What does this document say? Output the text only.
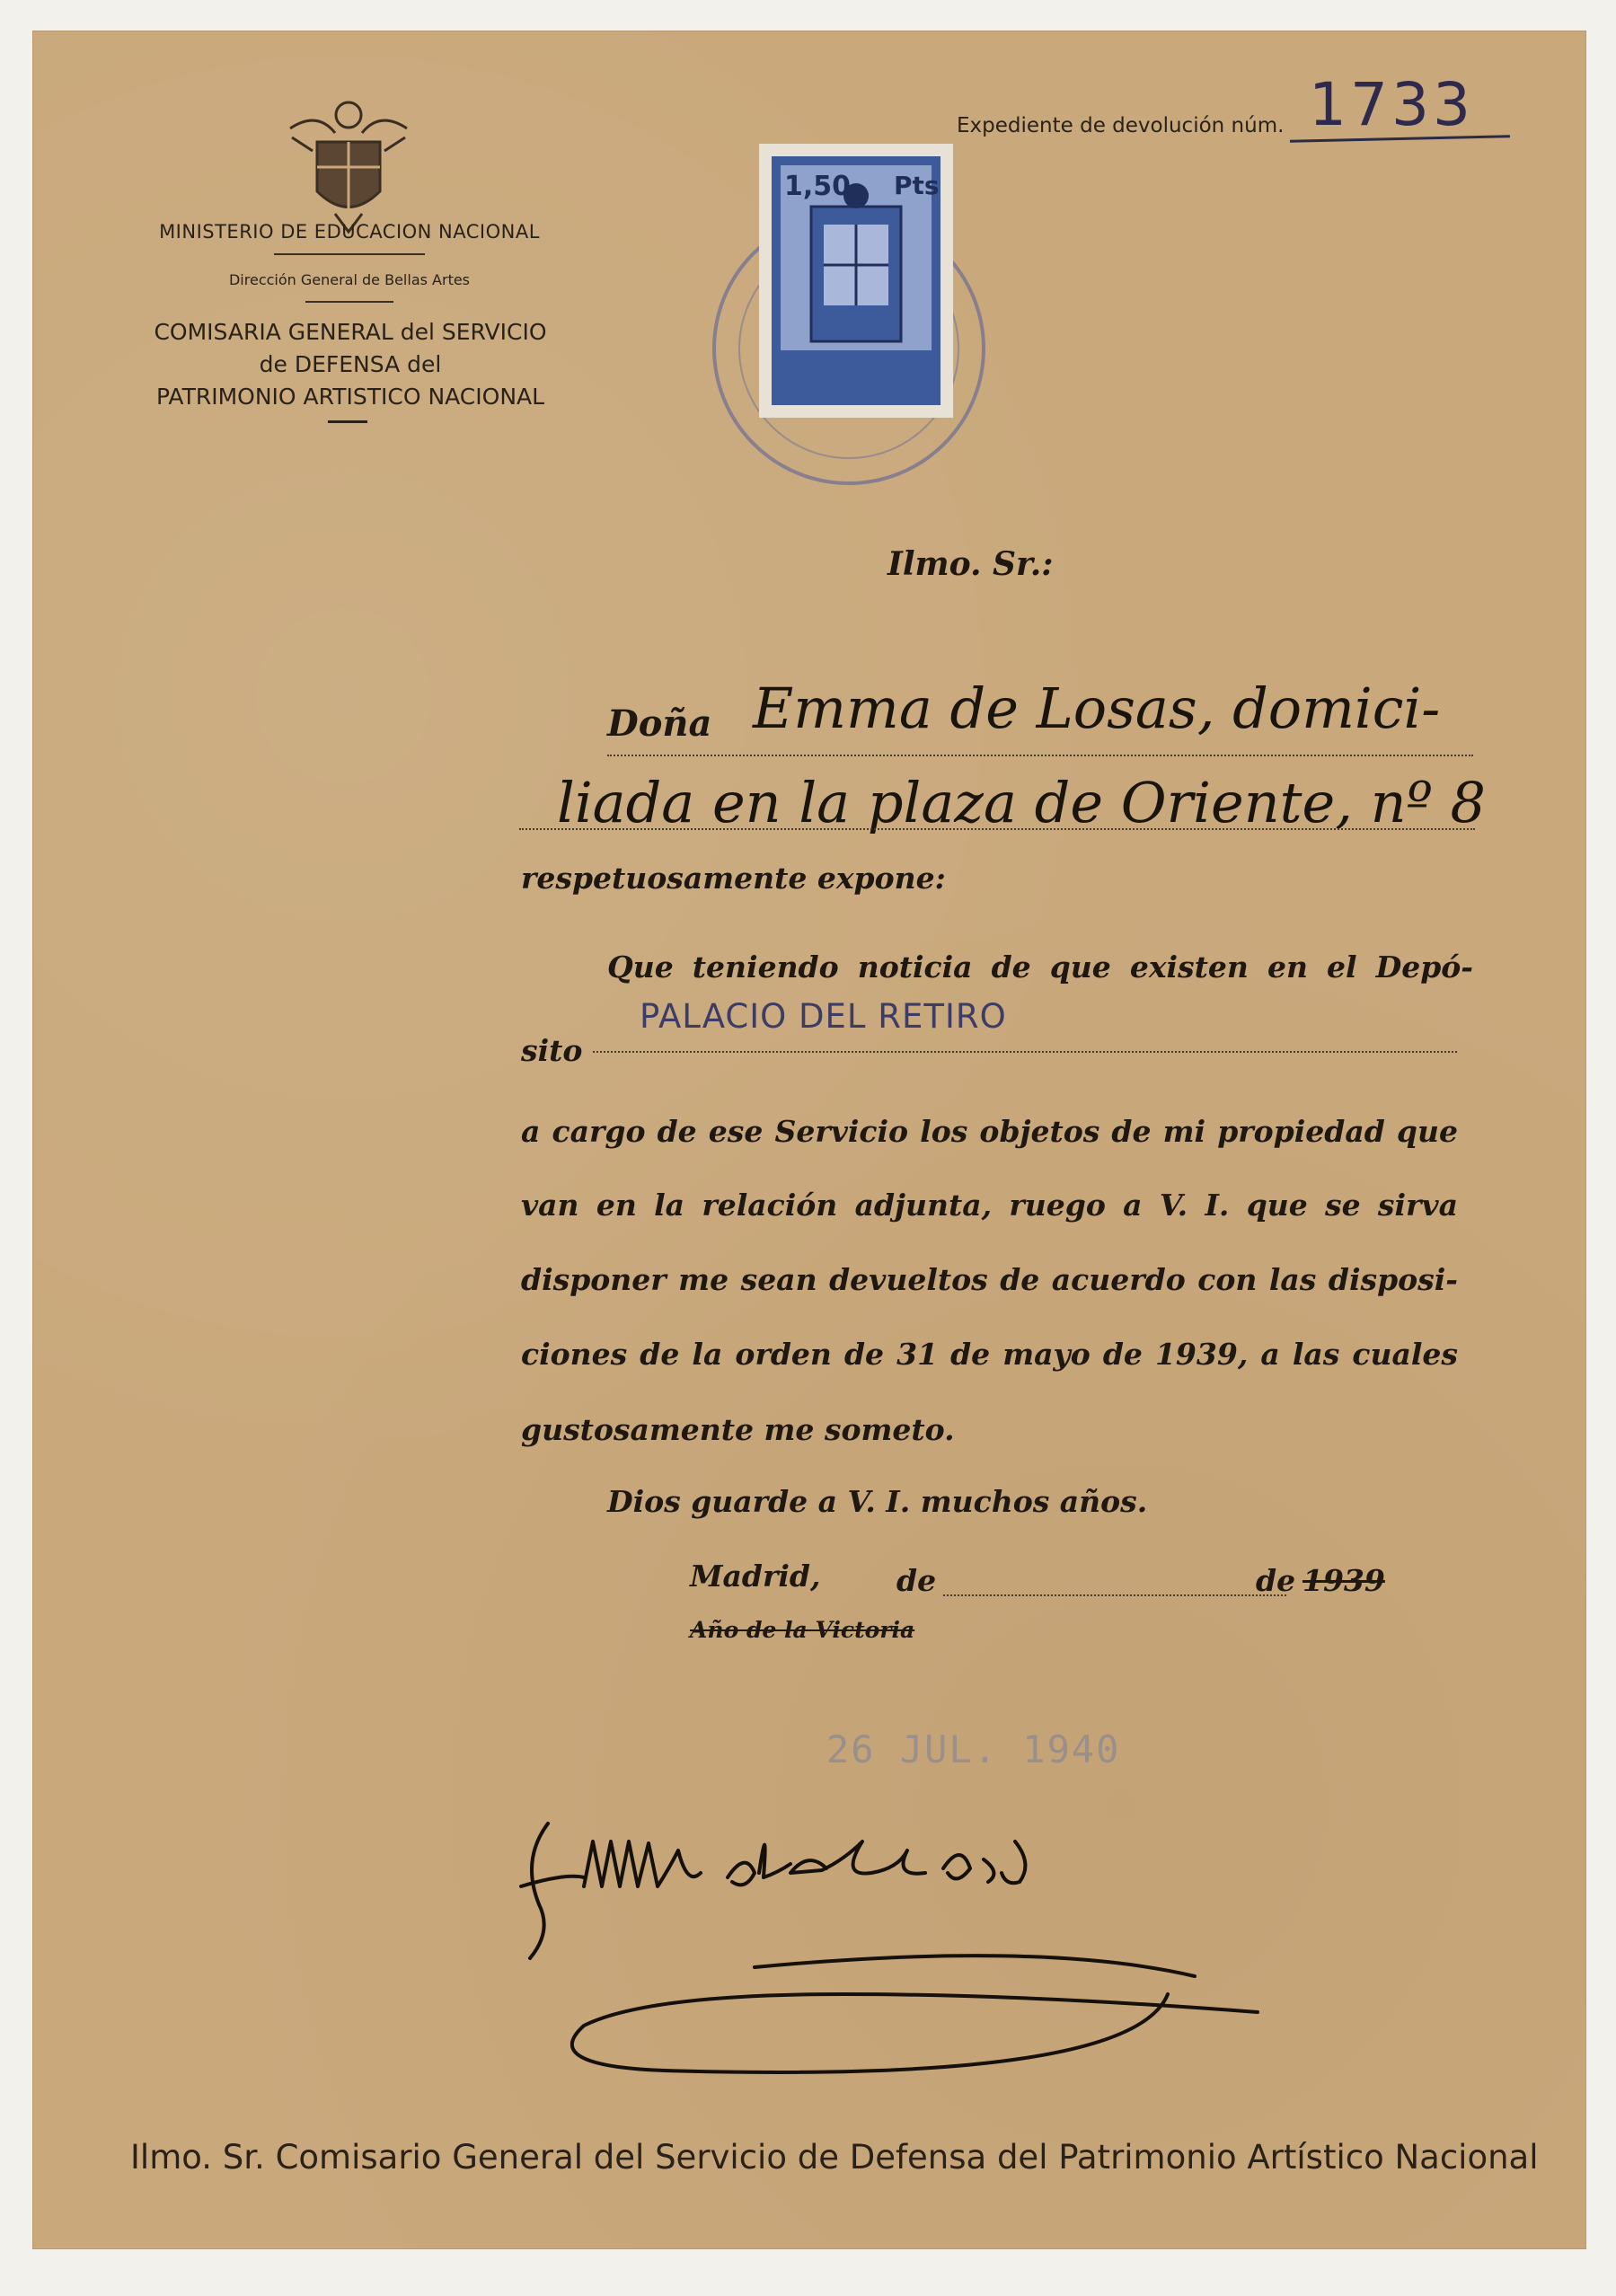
MINISTERIO DE EDUCACION NACIONAL
Dirección General de Bellas Artes
COMISARIA GENERAL del SERVICIO
de DEFENSA del
PATRIMONIO ARTISTICO NACIONAL
Expediente de devolución núm. 1733
1,50 Pts
Ilmo. Sr.:
Doña Emma de Losas, domici-
liada en la plaza de Oriente, nº 8
respetuosamente expone:
Que teniendo noticia de que existen en el Depó-
sito
PALACIO DEL RETIRO
a cargo de ese Servicio los objetos de mi propiedad que
van en la relación adjunta, ruego a V. I. que se sirva
disponer me sean devueltos de acuerdo con las disposi-
ciones de la orden de 31 de mayo de 1939, a las cuales
gustosamente me someto.
Dios guarde a V. I. muchos años.
Madrid,	de	de 1939
Año de la Victoria
26 JUL. 1940
Ilmo. Sr. Comisario General del Servicio de Defensa del Patrimonio Artístico Nacional
